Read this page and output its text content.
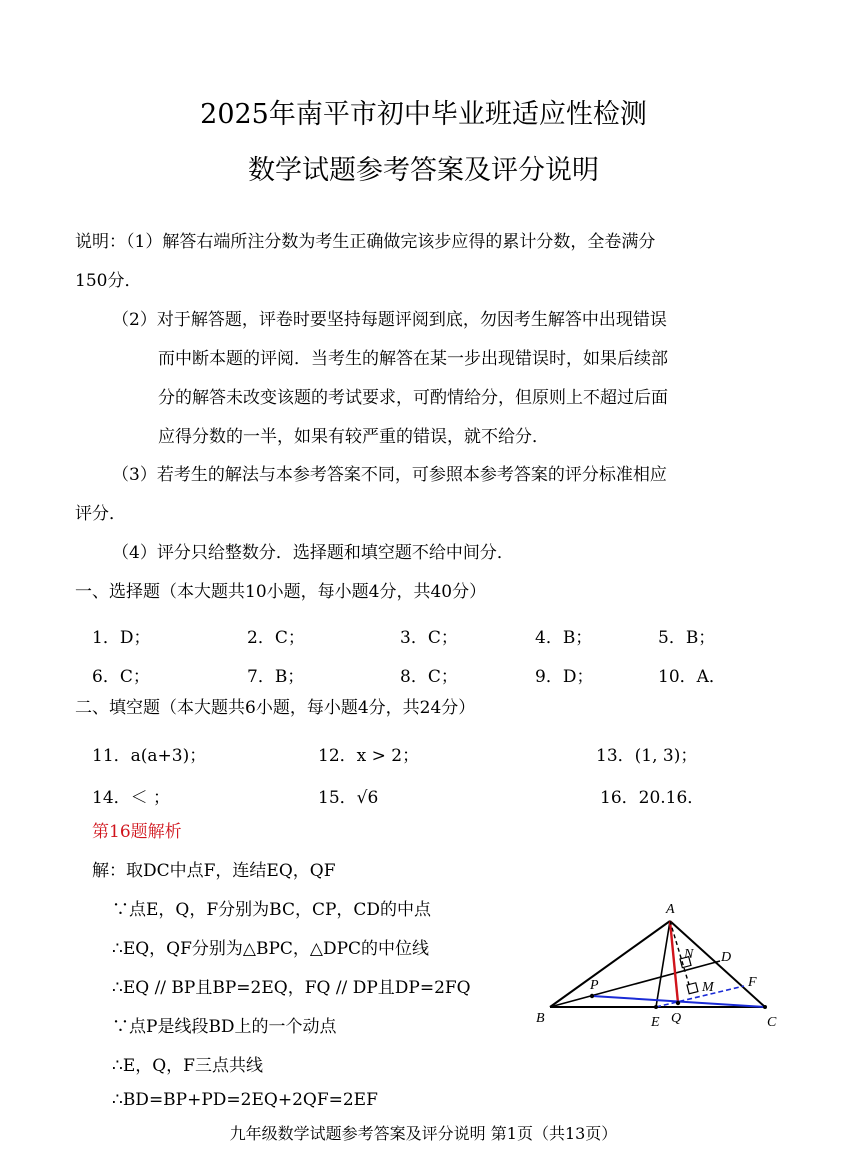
2025年南平市初中毕业班适应性检测
数学试题参考答案及评分说明
说明：（1）解答右端所注分数为考生正确做完该步应得的累计分数，全卷满分
150分．
（2）对于解答题，评卷时要坚持每题评阅到底，勿因考生解答中出现错误
而中断本题的评阅．当考生的解答在某一步出现错误时，如果后续部
分的解答未改变该题的考试要求，可酌情给分，但原则上不超过后面
应得分数的一半，如果有较严重的错误，就不给分．
（3）若考生的解法与本参考答案不同，可参照本参考答案的评分标准相应
评分．
（4）评分只给整数分．选择题和填空题不给中间分．
一、选择题（本大题共10小题，每小题4分，共40分）
1．D；	2．C；	3．C；	4．B；	5．B；
6．C；	7．B；	8．C；	9．D；	10．A．
二、填空题（本大题共6小题，每小题4分，共24分）
11．a(a+3)；	12．x > 2；	13．(1, 3)；
14．＜ ；	15．√6	16．20.16．
第16题解析
解：取DC中点F，连结EQ，QF
∵点E，Q，F分别为BC，CP，CD的中点
∴EQ，QF分别为△BPC，△DPC的中位线
∴EQ // BP且BP=2EQ，FQ // DP且DP=2FQ
∵点P是线段BD上的一个动点
∴E，Q，F三点共线
∴BD=BP+PD=2EQ+2QF=2EF
A
B	C
D
E
F
M
N
P
Q
九年级数学试题参考答案及评分说明 第1页（共13页）
